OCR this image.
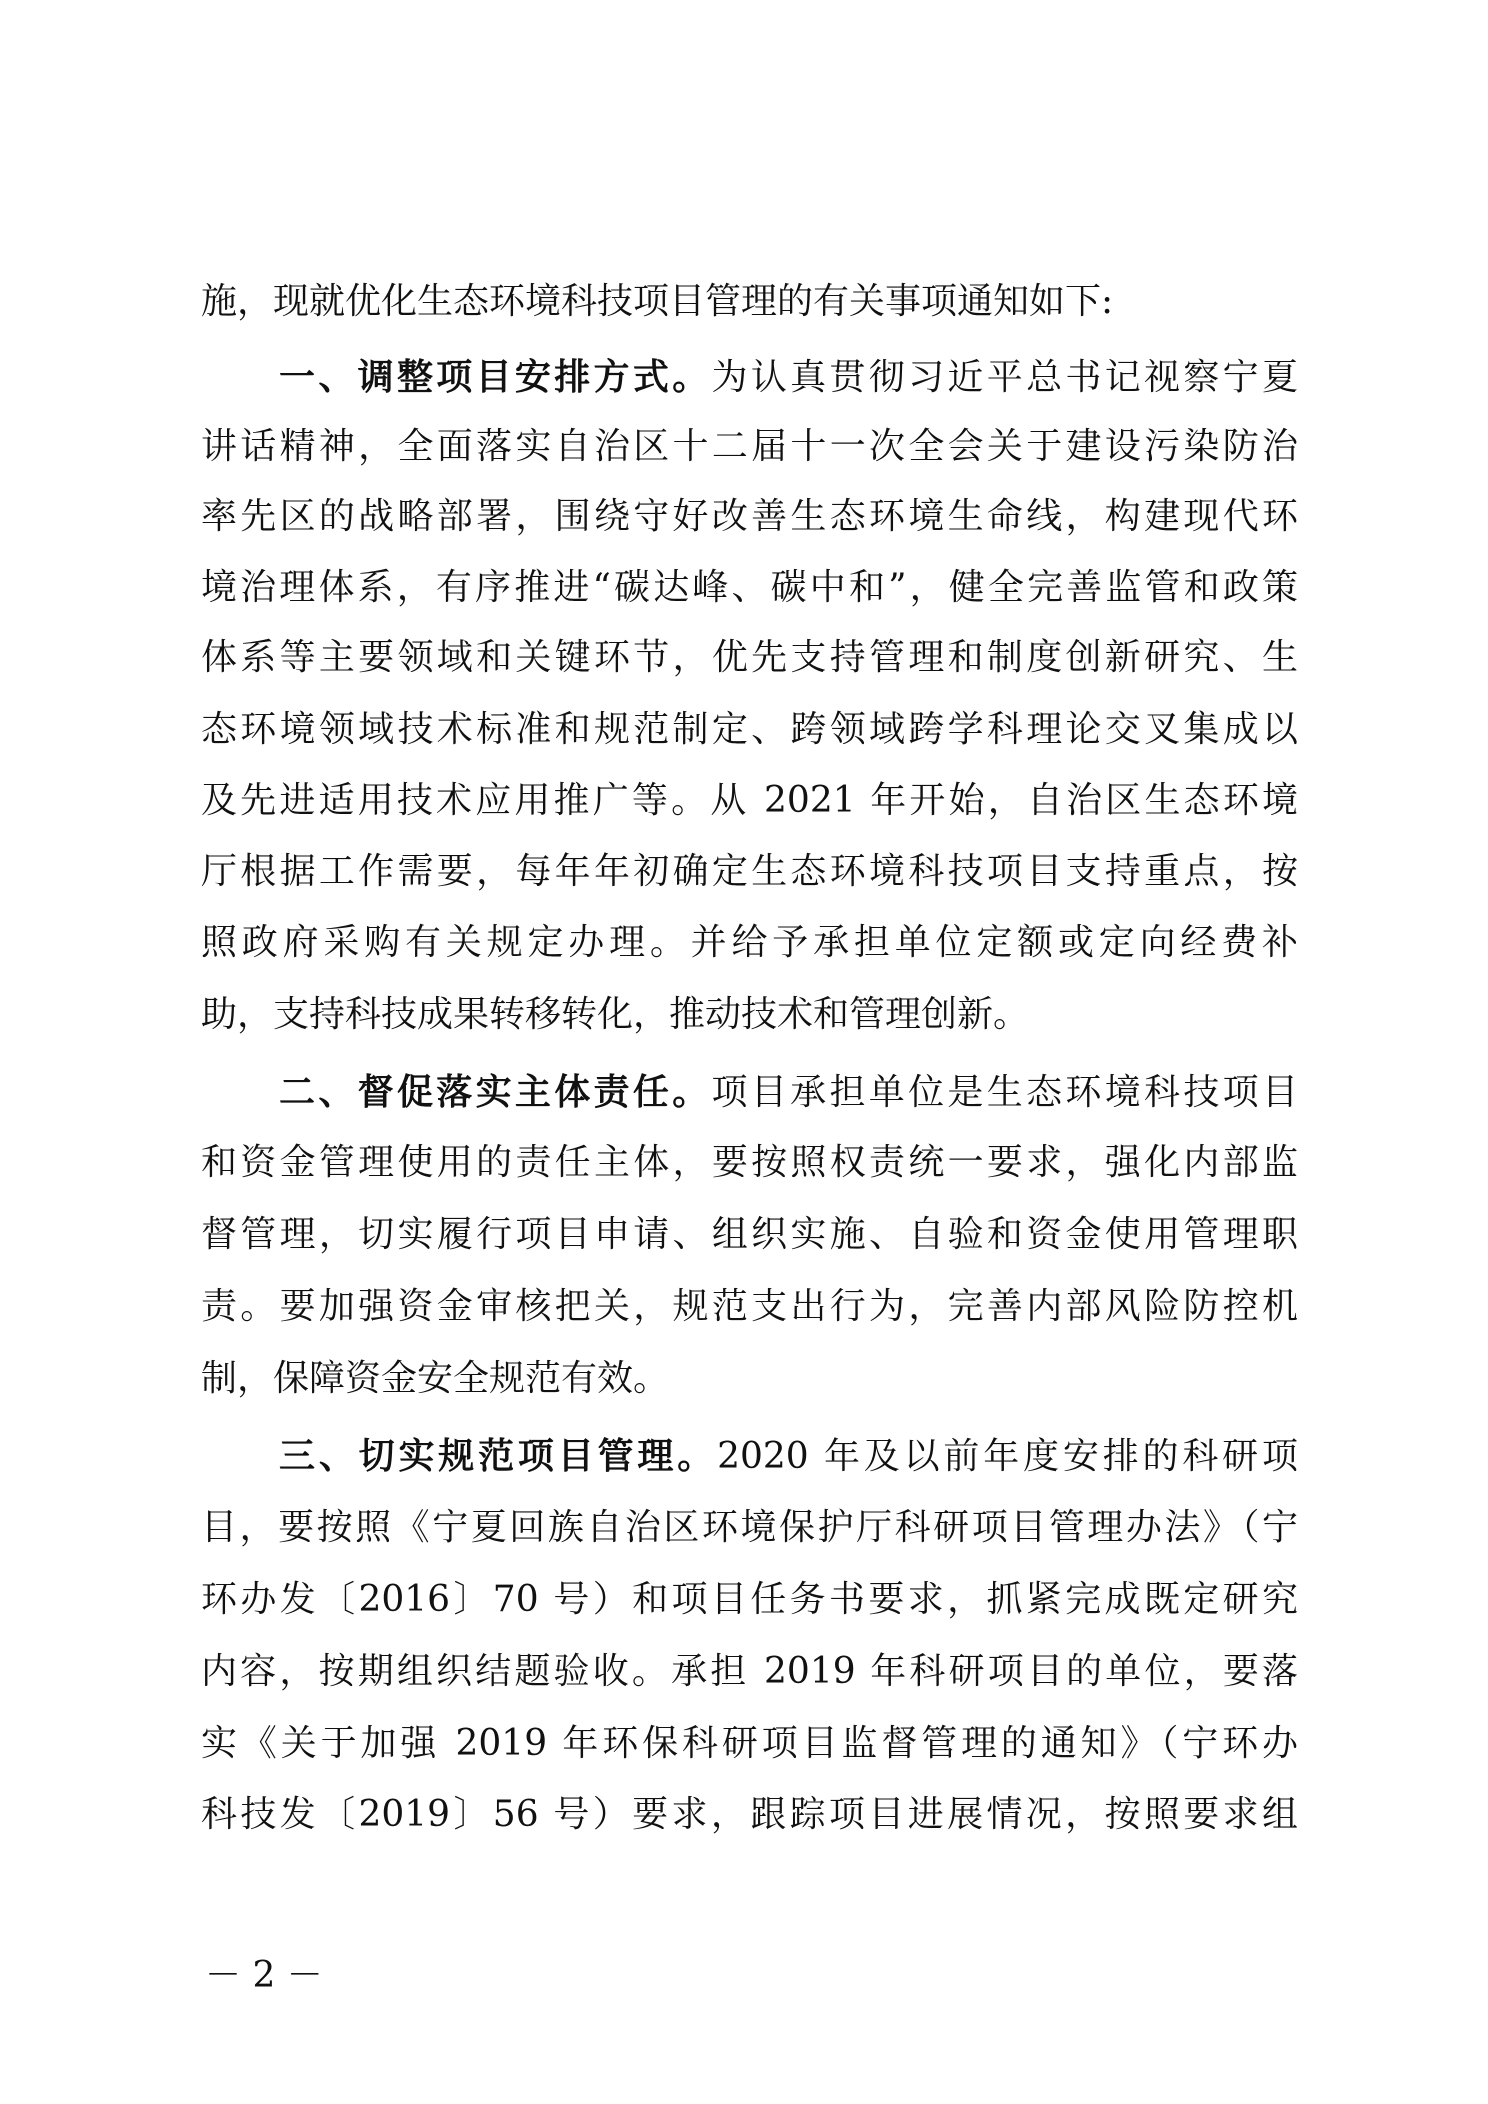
施，现就优化生态环境科技项目管理的有关事项通知如下:
一、调整项目安排方式。为认真贯彻习近平总书记视察宁夏
讲话精神，全面落实自治区十二届十一次全会关于建设污染防治
率先区的战略部署，围绕守好改善生态环境生命线，构建现代环
境治理体系，有序推进“碳达峰、碳中和”，健全完善监管和政策
体系等主要领域和关键环节，优先支持管理和制度创新研究、生
态环境领域技术标准和规范制定、跨领域跨学科理论交叉集成以
及先进适用技术应用推广等。从 2021 年开始，自治区生态环境
厅根据工作需要，每年年初确定生态环境科技项目支持重点，按
照政府采购有关规定办理。并给予承担单位定额或定向经费补
助，支持科技成果转移转化，推动技术和管理创新。
二、督促落实主体责任。项目承担单位是生态环境科技项目
和资金管理使用的责任主体，要按照权责统一要求，强化内部监
督管理，切实履行项目申请、组织实施、自验和资金使用管理职
责。要加强资金审核把关，规范支出行为，完善内部风险防控机
制，保障资金安全规范有效。
三、切实规范项目管理。2020 年及以前年度安排的科研项
目，要按照《宁夏回族自治区环境保护厅科研项目管理办法》（宁
环办发〔2016〕70 号）和项目任务书要求，抓紧完成既定研究
内容，按期组织结题验收。承担 2019 年科研项目的单位，要落
实《关于加强 2019 年环保科研项目监督管理的通知》（宁环办
科技发〔2019〕56 号）要求，跟踪项目进展情况，按照要求组
－ 2 －
